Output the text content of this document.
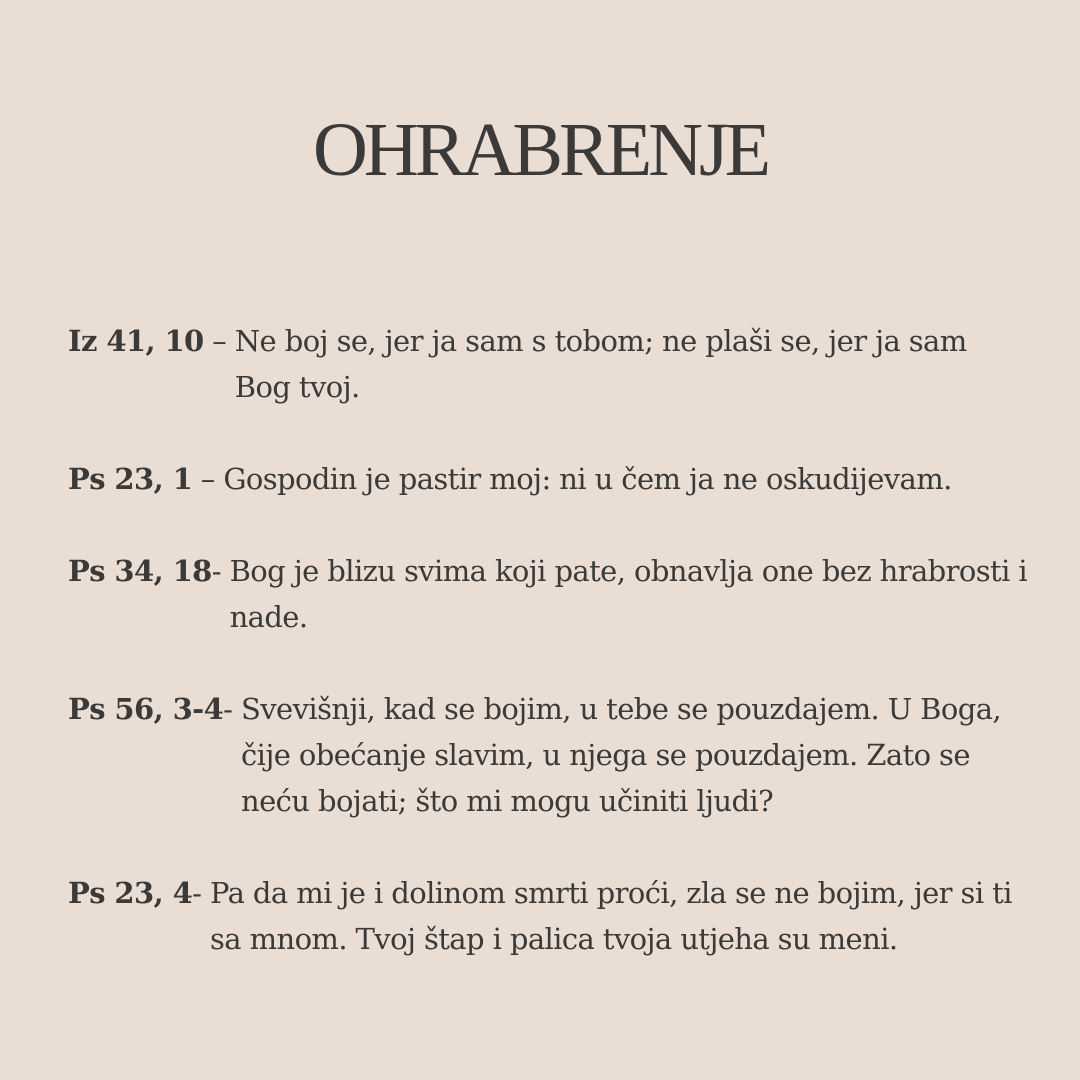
OHRABRENJE
Iz 41, 10 – Ne boj se, jer ja sam s tobom; ne plaši se, jer ja sam Bog tvoj.
Ps 23, 1 – Gospodin je pastir moj: ni u čem ja ne oskudijevam.
Ps 34, 18 - Bog je blizu svima koji pate, obnavlja one bez hrabrosti i nade.
Ps 56, 3-4 - Svevišnji, kad se bojim, u tebe se pouzdajem. U Boga, čije obećanje slavim, u njega se pouzdajem. Zato se neću bojati; što mi mogu učiniti ljudi?
Ps 23, 4 - Pa da mi je i dolinom smrti proći, zla se ne bojim, jer si ti sa mnom. Tvoj štap i palica tvoja utjeha su meni.
